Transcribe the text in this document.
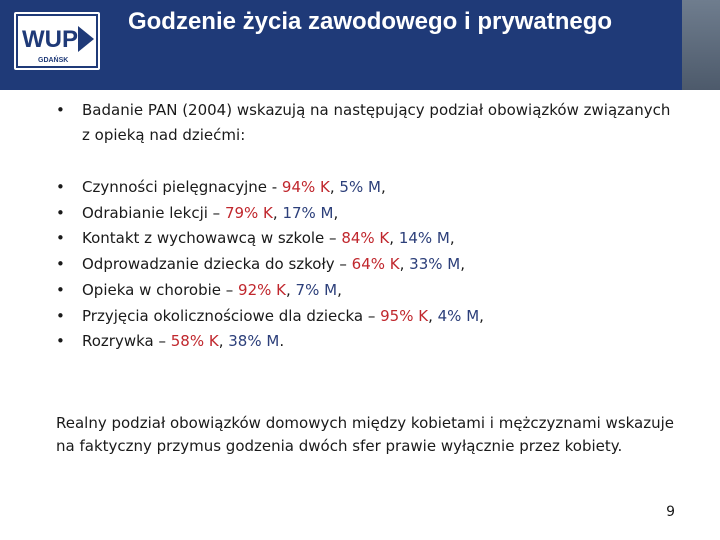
WUP
GDAŃSK
Godzenie życia zawodowego i prywatnego
• Badanie PAN (2004) wskazują na następujący podział obowiązków związanych z opieką nad dziećmi:
• Czynności pielęgnacyjne - 94% K, 5% M,
• Odrabianie lekcji – 79% K, 17% M,
• Kontakt z wychowawcą w szkole – 84% K, 14% M,
• Odprowadzanie dziecka do szkoły – 64% K, 33% M,
• Opieka w chorobie – 92% K, 7% M,
• Przyjęcia okolicznościowe dla dziecka – 95% K, 4% M,
• Rozrywka – 58% K, 38% M.
Realny podział obowiązków domowych między kobietami i mężczyznami wskazuje na faktyczny przymus godzenia dwóch sfer prawie wyłącznie przez kobiety.
9
